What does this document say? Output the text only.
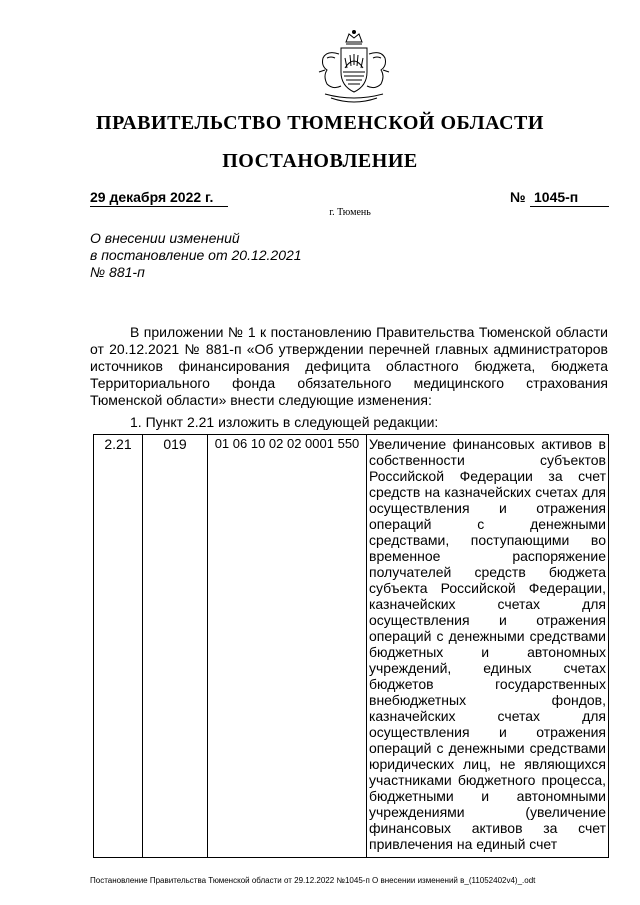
ПРАВИТЕЛЬСТВО ТЮМЕНСКОЙ ОБЛАСТИ
ПОСТАНОВЛЕНИЕ
29 декабря 2022 г.	№ 1045-п
г. Тюмень
О внесении изменений
в постановление от 20.12.2021
№ 881-п
В приложении № 1 к постановлению Правительства Тюменской области от 20.12.2021 № 881-п «Об утверждении перечней главных администраторов источников финансирования дефицита областного бюджета, бюджета Территориального фонда обязательного медицинского страхования Тюменской области» внести следующие изменения:
1. Пункт 2.21 изложить в следующей редакции:
2.21	019	01 06 10 02 02 0001 550	Увеличение финансовых активов в собственности субъектов Российской Федерации за счет средств на казначейских счетах для осуществления и отражения операций с денежными средствами, поступающими во временное распоряжение получателей средств бюджета субъекта Российской Федерации, казначейских счетах для осуществления и отражения операций с денежными средствами бюджетных и автономных учреждений, единых счетах бюджетов государственных внебюджетных фондов, казначейских счетах для осуществления и отражения операций с денежными средствами юридических лиц, не являющихся участниками бюджетного процесса, бюджетными и автономными учреждениями (увеличение финансовых активов за счет привлечения на единый счет
Постановление Правительства Тюменской области от 29.12.2022 №1045-п О внесении изменений в_(11052402v4)_.odt
